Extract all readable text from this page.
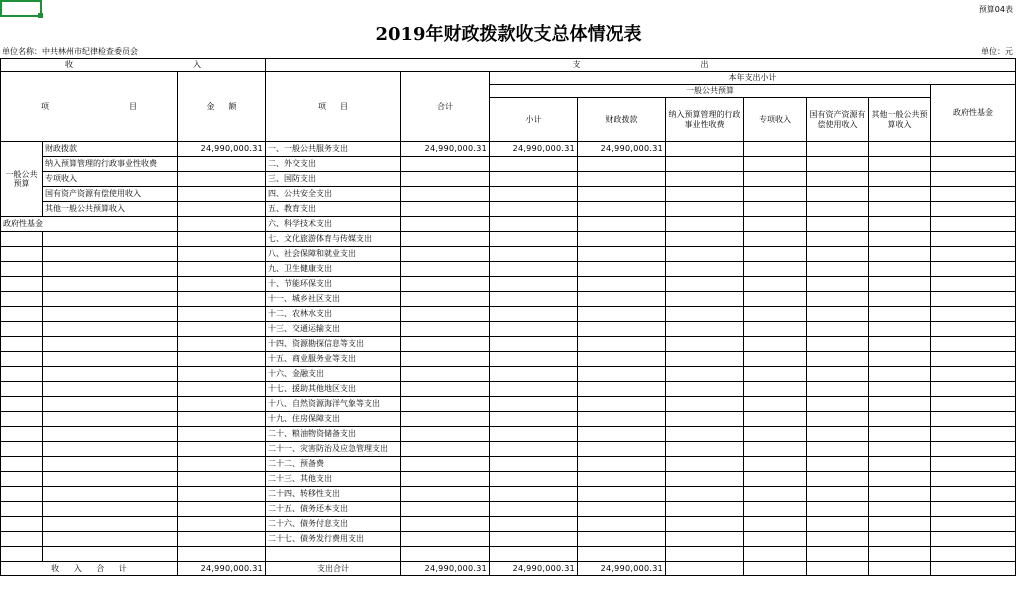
预算04表
2019年财政拨款收支总体情况表
单位名称：中共林州市纪律检查委员会	单位：元
收 入			支 出								
项 目		金 额	项 目	合计	本年支出小计						
					一般公共预算						政府性基金
					小计	财政拨款	纳入预算管理的行政事业性收费	专项收入	国有资产资源有偿使用收入	其他一般公共预算收入	
一般公共预算	财政拨款	24,990,000.31	一、一般公共服务支出	24,990,000.31	24,990,000.31	24,990,000.31					
	纳入预算管理的行政事业性收费		二、外交支出								
	专项收入		三、国防支出								
	国有资产资源有偿使用收入		四、公共安全支出								
	其他一般公共预算收入		五、教育支出								
政府性基金			六、科学技术支出								
			七、文化旅游体育与传媒支出								
			八、社会保障和就业支出								
			九、卫生健康支出								
			十、节能环保支出								
			十一、城乡社区支出								
			十二、农林水支出								
			十三、交通运输支出								
			十四、资源勘探信息等支出								
			十五、商业服务业等支出								
			十六、金融支出								
			十七、援助其他地区支出								
			十八、自然资源海洋气象等支出								
			十九、住房保障支出								
			二十、粮油物资储备支出								
			二十一、灾害防治及应急管理支出								
			二十二、预备费								
			二十三、其他支出								
			二十四、转移性支出								
			二十五、债务还本支出								
			二十六、债务付息支出								
			二十七、债务发行费用支出								

收 入 合 计		24,990,000.31	支出合计	24,990,000.31	24,990,000.31	24,990,000.31					
